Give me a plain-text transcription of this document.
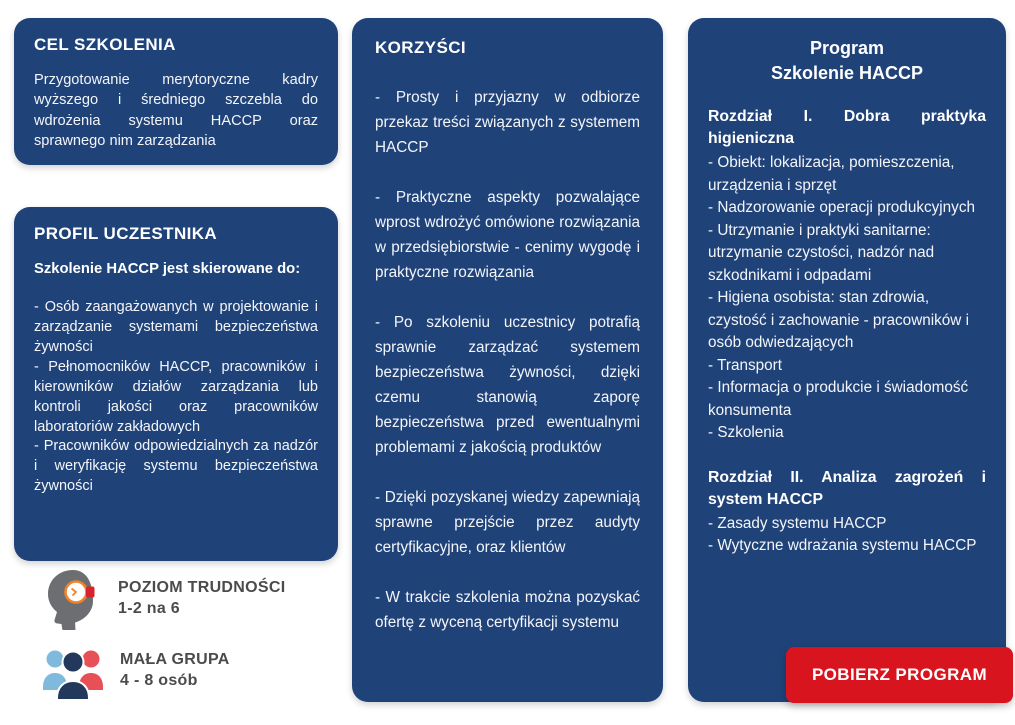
CEL SZKOLENIA

Przygotowanie merytoryczne kadry wyższego i średniego szczebla do wdrożenia systemu HACCP oraz sprawnego nim zarządzania

PROFIL UCZESTNIKA

Szkolenie HACCP jest skierowane do:

- Osób zaangażowanych w projektowanie i zarządzanie systemami bezpieczeństwa żywności
- Pełnomocników HACCP, pracowników i kierowników działów zarządzania lub kontroli jakości oraz pracowników laboratoriów zakładowych
- Pracowników odpowiedzialnych za nadzór i weryfikację systemu bezpieczeństwa żywności
POZIOM TRUDNOŚCI
1-2 na 6
MAŁA GRUPA
4 - 8 osób
KORZYŚCI

- Prosty i przyjazny w odbiorze przekaz treści związanych z systemem HACCP

- Praktyczne aspekty pozwalające wprost wdrożyć omówione rozwiązania w przedsiębiorstwie - cenimy wygodę i praktyczne rozwiązania

- Po szkoleniu uczestnicy potrafią sprawnie zarządzać systemem bezpieczeństwa żywności, dzięki czemu stanowią zaporę bezpieczeństwa przed ewentualnymi problemami z jakością produktów

- Dzięki pozyskanej wiedzy zapewniają sprawne przejście przez audyty certyfikacyjne, oraz klientów

- W trakcie szkolenia można pozyskać ofertę z wyceną certyfikacji systemu

Program
Szkolenie HACCP
Rozdział I. Dobra praktyka higieniczna
- Obiekt: lokalizacja, pomieszczenia, urządzenia i sprzęt
- Nadzorowanie operacji produkcyjnych
- Utrzymanie i praktyki sanitarne: utrzymanie czystości, nadzór nad szkodnikami i odpadami
- Higiena osobista: stan zdrowia, czystość i zachowanie - pracowników i osób odwiedzających
- Transport
- Informacja o produkcie i świadomość konsumenta
- Szkolenia
Rozdział II. Analiza zagrożeń i system HACCP
- Zasady systemu HACCP
- Wytyczne wdrażania systemu HACCP
POBIERZ PROGRAM
